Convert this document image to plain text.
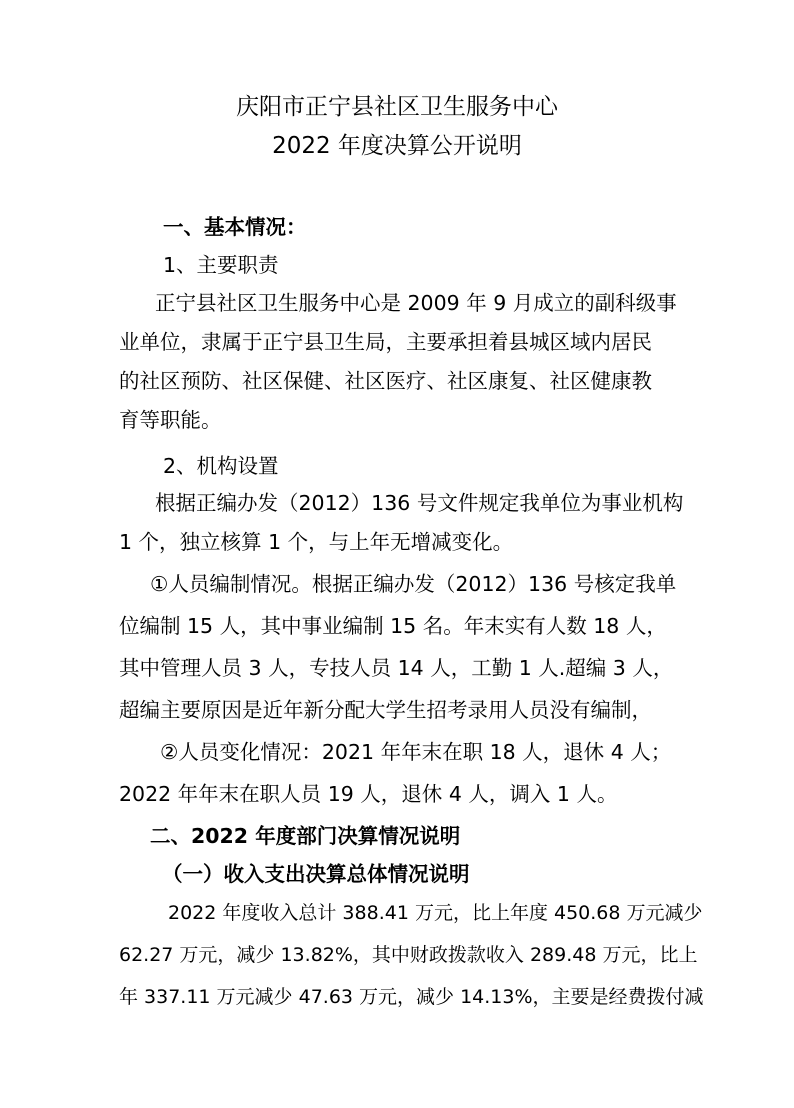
庆阳市正宁县社区卫生服务中心
2022 年度决算公开说明
一、基本情况：
1、主要职责
正宁县社区卫生服务中心是 2009 年 9 月成立的副科级事
业单位，隶属于正宁县卫生局，主要承担着县城区域内居民
的社区预防、社区保健、社区医疗、社区康复、社区健康教
育等职能。
2、机构设置
根据正编办发（2012）136 号文件规定我单位为事业机构
1 个，独立核算 1 个，与上年无增减变化。
①人员编制情况。根据正编办发（2012）136 号核定我单
位编制 15 人，其中事业编制 15 名。年末实有人数 18 人，
其中管理人员 3 人，专技人员 14 人，工勤 1 人.超编 3 人，
超编主要原因是近年新分配大学生招考录用人员没有编制，
②人员变化情况：2021 年年末在职 18 人，退休 4 人；
2022 年年末在职人员 19 人，退休 4 人，调入 1 人。
二、2022 年度部门决算情况说明
（一）收入支出决算总体情况说明
2022 年度收入总计 388.41 万元，比上年度 450.68 万元减少
62.27 万元，减少 13.82%，其中财政拨款收入 289.48 万元，比上
年 337.11 万元减少 47.63 万元，减少 14.13%，主要是经费拨付减
